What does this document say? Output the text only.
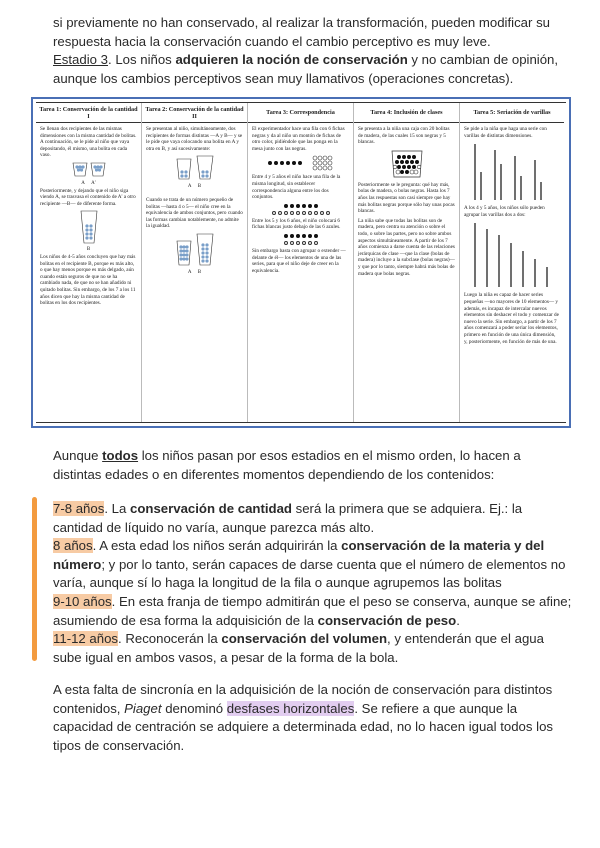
si previamente no han conservado, al realizar la transformación, pueden modificar su
respuesta hacia la conservación cuando el cambio perceptivo es muy leve.
Estadio 3. Los niños adquieren la noción de conservación y no cambian de opinión,
aunque los cambios perceptivos sean muy llamativos (operaciones concretas).
Tarea 1: Conservación de la cantidad I

Se llenan dos recipientes de las mismas dimensiones con la misma cantidad de bolitas. A continuación, se le pide al niño que vaya depositando, él mismo, una bolita en cada vaso.

A A'

Posteriormente, y dejando que el niño siga viendo A, se trasvasa el contenido de A' a otro recipiente —B— de diferente forma.

B

Los niños de 4-5 años concluyen que hay más bolitas en el recipiente B, porque es más alto, o que hay menos porque es más delgado, aún cuando están seguros de que no se ha cambiado nada, de que no se han añadido ni quitado bolitas. Sin embargo, de los 7 a los 11 años dicen que hay la misma cantidad de bolitas en los dos recipientes.

Tarea 2: Conservación de la cantidad II

Se presentan al niño, simultáneamente, dos recipientes de formas distintas —A y B— y se le pide que vaya colocando una bolita en A y otra en B, y así sucesivamente:

A B

Cuando se trata de un número pequeño de bolitas —hasta 4 o 5— el niño cree en la equivalencia de ambos conjuntos, pero cuando las formas cambian notablemente, no admite la igualdad.

A B
Tarea 3: Correspondencia

El experimentador hace una fila con 6 fichas negras y da al niño un montón de fichas de otro color, pidiéndole que las ponga en la mesa junto con las negras.

Entre 4 y 5 años el niño hace una fila de la misma longitud, sin establecer correspondencia alguna entre los dos conjuntos.

Entre los 5 y los 6 años, el niño colocará 6 fichas blancas justo debajo de las 6 azules.

Sin embargo basta con agrupar o extender —delante de él— los elementos de una de las series, para que el niño deje de creer en la equivalencia.

Tarea 4: Inclusión de clases

Se presenta a la niña una caja con 20 bolitas de madera, de las cuales 15 son negras y 5 blancas.

Posteriormente se le pregunta: qué hay más, bolas de madera, o bolas negras. Hasta los 7 años las respuestas son casi siempre que hay más bolitas negras porque sólo hay unas pocas blancas.

La niña sabe que todas las bolitas son de madera, pero centra su atención o sobre el todo, o sobre las partes, pero no sobre ambos aspectos simultáneamente. A partir de los 7 años comienza a darse cuenta de las relaciones jerárquicas de clase —que la clase (bolas de madera) incluye a la subclase (bolas negras)— y que por lo tanto, siempre habrá más bolas de madera que bolas negras.

Tarea 5: Seriación de varillas

Se pide a la niña que haga una serie con varillas de distintas dimensiones.

A los 4 y 5 años, los niños sólo pueden agrupar las varillas dos a dos:

Luego la niña es capaz de hacer series pequeñas —no mayores de 10 elementos— y además, es incapaz de intercalar nuevos elementos sin deshacer el todo y comenzar de nuevo la serie. Sin embargo, a partir de los 7 años comenzará a poder seriar los elementos, primero en función de una única dimensión, y, posteriormente, en función de más de una.

Aunque todos los niños pasan por esos estadios en el mismo orden, lo hacen a
distintas edades o en diferentes momentos dependiendo de los contenidos:
7-8 años. La conservación de cantidad será la primera que se adquiera. Ej.: la cantidad de líquido no varía, aunque parezca más alto.
8 años. A esta edad los niños serán adquirirán la conservación de la materia y del número; y por lo tanto, serán capaces de darse cuenta que el número de elementos no varía, aunque sí lo haga la longitud de la fila o aunque agrupemos las bolitas
9-10 años. En esta franja de tiempo admitirán que el peso se conserva, aunque se afine; asumiendo de esa forma la adquisición de la conservación de peso.
11-12 años. Reconocerán la conservación del volumen, y entenderán que el agua sube igual en ambos vasos, a pesar de la forma de la bola.
A esta falta de sincronía en la adquisición de la noción de conservación para distintos contenidos, Piaget denominó desfases horizontales. Se refiere a que aunque la capacidad de centración se adquiere a determinada edad, no lo hacen igual todos los tipos de conservación.
